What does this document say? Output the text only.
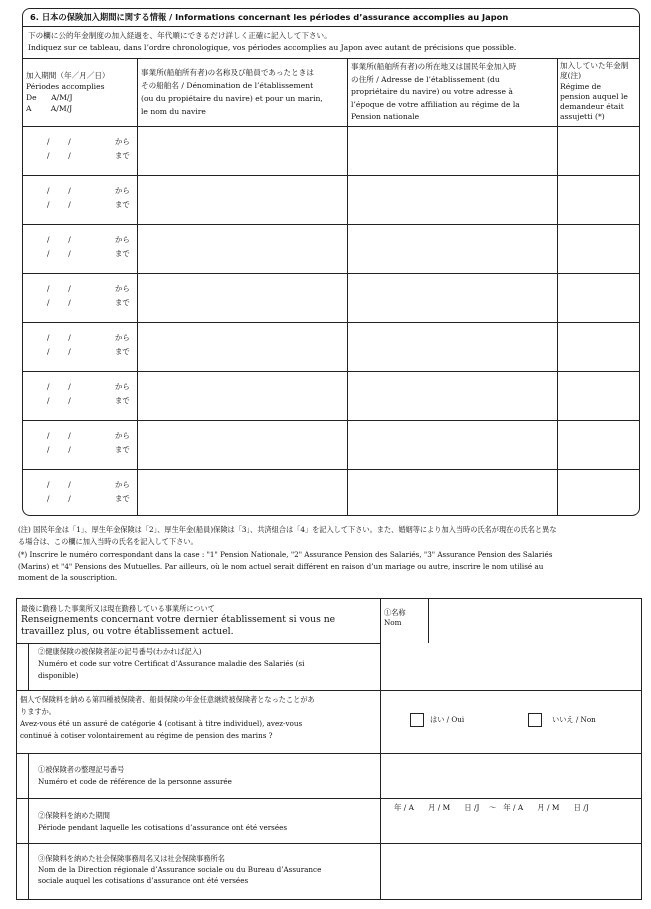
6. 日本の保険加入期間に関する情報 / Informations concernant les périodes d’assurance accomplies au Japon
下の欄に公的年金制度の加入経過を、年代順にできるだけ詳しく正確に記入して下さい。
Indiquez sur ce tableau, dans l’ordre chronologique, vos périodes accomplies au Japon avec autant de précisions que possible.
加入期間（年／月／日）
Périodes accomplies
De      A/M/J
A        A/M/J
事業所(船舶所有者)の名称及び船員であったときは
その船舶名 / Dénomination de l’établissement
(ou du propiétaire du navire) et pour un marin,
le nom du navire
事業所(船舶所有者)の所在地又は国民年金加入時
の住所 / Adresse de l’établissement (du
propriétaire du navire) ou votre adresse à
l’époque de votre affiliation au régime de la
Pension nationale
加入していた年金制
度(注)
Régime de
pension auquel le
demandeur était
assujetti (*)
/        /
/        /
から
まで
/        /
/        /
から
まで
/        /
/        /
から
まで
/        /
/        /
から
まで
/        /
/        /
から
まで
/        /
/        /
から
まで
/        /
/        /
から
まで
/        /
/        /
から
まで
(注) 国民年金は「1」、厚生年金保険は「2」、厚生年金(船員)保険は「3」、共済組合は「4」を記入して下さい。また、婚姻等により加入当時の氏名が現在の氏名と異な
る場合は、この欄に加入当時の氏名を記入して下さい。
(*) Inscrire le numéro correspondant dans la case : "1" Pension Nationale, "2" Assurance Pension des Salariés, "3" Assurance Pension des Salariés
(Marins) et "4" Pensions des Mutuelles. Par ailleurs, où le nom actuel serait différent en raison d’un mariage ou autre, inscrire le nom utilisé au
moment de la souscription.
最後に勤務した事業所又は現在勤務している事業所について
Renseignements concernant votre dernier établissement si vous ne
travaillez plus, ou votre établissement actuel.
①名称
Nom
②健康保険の被保険者証の記号番号(わかれば記入)
Numéro et code sur votre Certificat d’Assurance maladie des Salariés (si
disponible)
個人で保険料を納める第四種被保険者、船員保険の年金任意継続被保険者となったことがあ
りますか。
Avez-vous été un assuré de catégorie 4 (cotisant à titre individuel), avez-vous
continué à cotiser volontairement au régime de pension des marins ?
はい / Oui	いいえ / Non
①被保険者の整理記号番号
Numéro et code de référence de la personne assurée
②保険料を納めた期間
Période pendant laquelle les cotisations d’assurance ont été versées
年 / A      月 / M      日 /J    〜   年 / A      月 / M      日 /J
③保険料を納めた社会保険事務局名又は社会保険事務所名
Nom de la Direction régionale d’Assurance sociale ou du Bureau d’Assurance
sociale auquel les cotisations d’assurance ont été versées
